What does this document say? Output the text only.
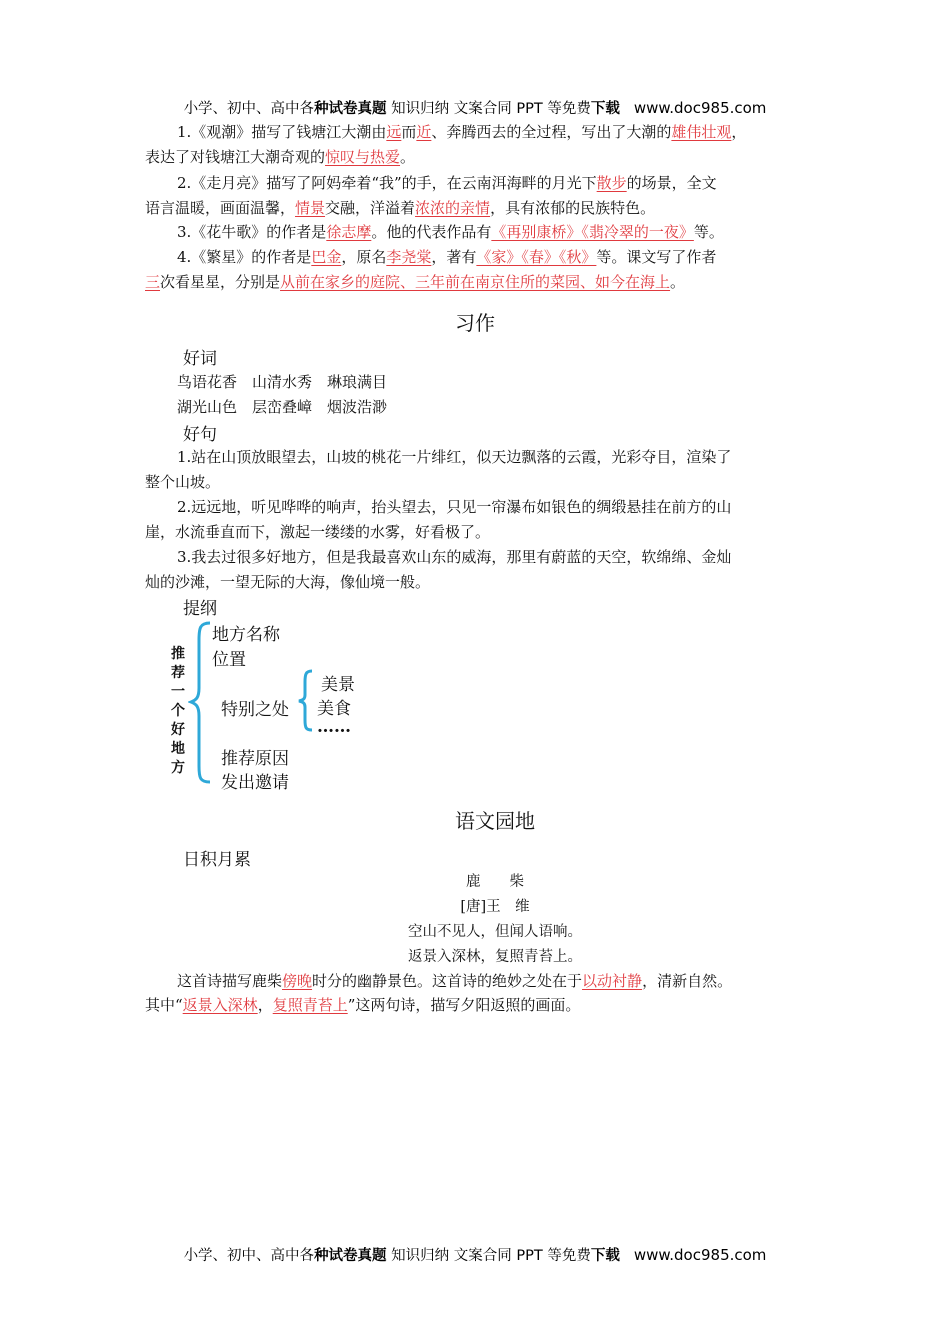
小学、初中、高中各种试卷真题 知识归纳 文案合同 PPT 等免费下载 www.doc985.com
1.《观潮》描写了钱塘江大潮由远而近、奔腾西去的全过程，写出了大潮的雄伟壮观，
表达了对钱塘江大潮奇观的惊叹与热爱。
2.《走月亮》描写了阿妈牵着“我”的手，在云南洱海畔的月光下散步的场景，全文
语言温暖，画面温馨，情景交融，洋溢着浓浓的亲情，具有浓郁的民族特色。
3.《花牛歌》的作者是徐志摩。他的代表作品有《再别康桥》《翡冷翠的一夜》等。
4.《繁星》的作者是巴金，原名李尧棠，著有《家》《春》《秋》等。课文写了作者
三次看星星，分别是从前在家乡的庭院、三年前在南京住所的菜园、如今在海上。
习作
好词
鸟语花香　山清水秀　琳琅满目
湖光山色　层峦叠嶂　烟波浩渺
好句
1.站在山顶放眼望去，山坡的桃花一片绯红，似天边飘落的云霞，光彩夺目，渲染了
整个山坡。
2.远远地，听见哗哗的响声，抬头望去，只见一帘瀑布如银色的绸缎悬挂在前方的山
崖，水流垂直而下，激起一缕缕的水雾，好看极了。
3.我去过很多好地方，但是我最喜欢山东的威海，那里有蔚蓝的天空，软绵绵、金灿
灿的沙滩，一望无际的大海，像仙境一般。
提纲
推
荐
一
个
好
地
方
地方名称
位置
特别之处
美景
美食
……
推荐原因
发出邀请
语文园地
日积月累
鹿　　柴
[唐]王　维
空山不见人，但闻人语响。
返景入深林，复照青苔上。
这首诗描写鹿柴傍晚时分的幽静景色。这首诗的绝妙之处在于以动衬静，清新自然。
其中“返景入深林，复照青苔上”这两句诗，描写夕阳返照的画面。
小学、初中、高中各种试卷真题 知识归纳 文案合同 PPT 等免费下载 www.doc985.com
